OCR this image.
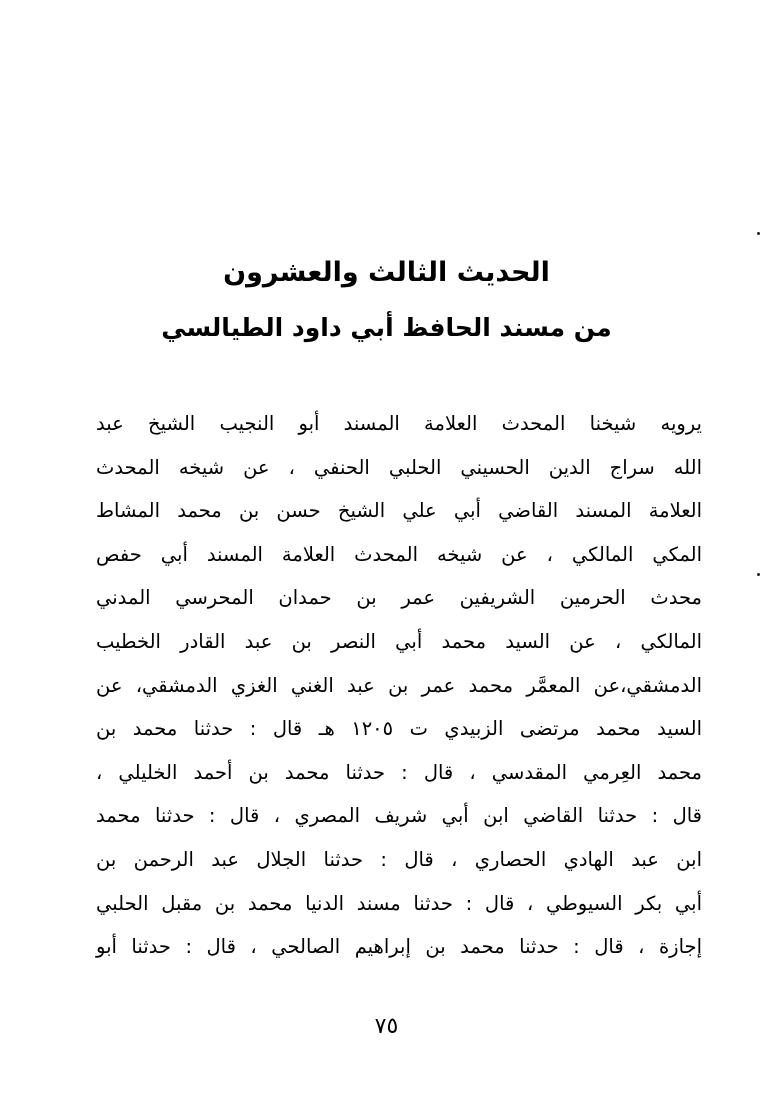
الحديث الثالث والعشرون
من مسند الحافظ أبي داود الطيالسي
يرويه شيخنا المحدث العلامة المسند أبو النجيب الشيخ عبد
الله سراج الدين الحسيني الحلبي الحنفي ، عن شيخه المحدث
العلامة المسند القاضي أبي علي الشيخ حسن بن محمد المشاط
المكي المالكي ، عن شيخه المحدث العلامة المسند أبي حفص
محدث الحرمين الشريفين عمر بن حمدان المحرسي المدني
المالكي ، عن السيد محمد أبي النصر بن عبد القادر الخطيب
الدمشقي،عن المعمَّر محمد عمر بن عبد الغني الغزي الدمشقي، عن
السيد محمد مرتضى الزبيدي ت ١٢٠٥ هـ قال : حدثنا محمد بن
محمد العِرمي المقدسي ، قال : حدثنا محمد بن أحمد الخليلي ،
قال : حدثنا القاضي ابن أبي شريف المصري ، قال : حدثنا محمد
ابن عبد الهادي الحصاري ، قال : حدثنا الجلال عبد الرحمن بن
أبي بكر السيوطي ، قال : حدثنا مسند الدنيا محمد بن مقبل الحلبي
إجازة ، قال : حدثنا محمد بن إبراهيم الصالحي ، قال : حدثنا أبو
٧٥
